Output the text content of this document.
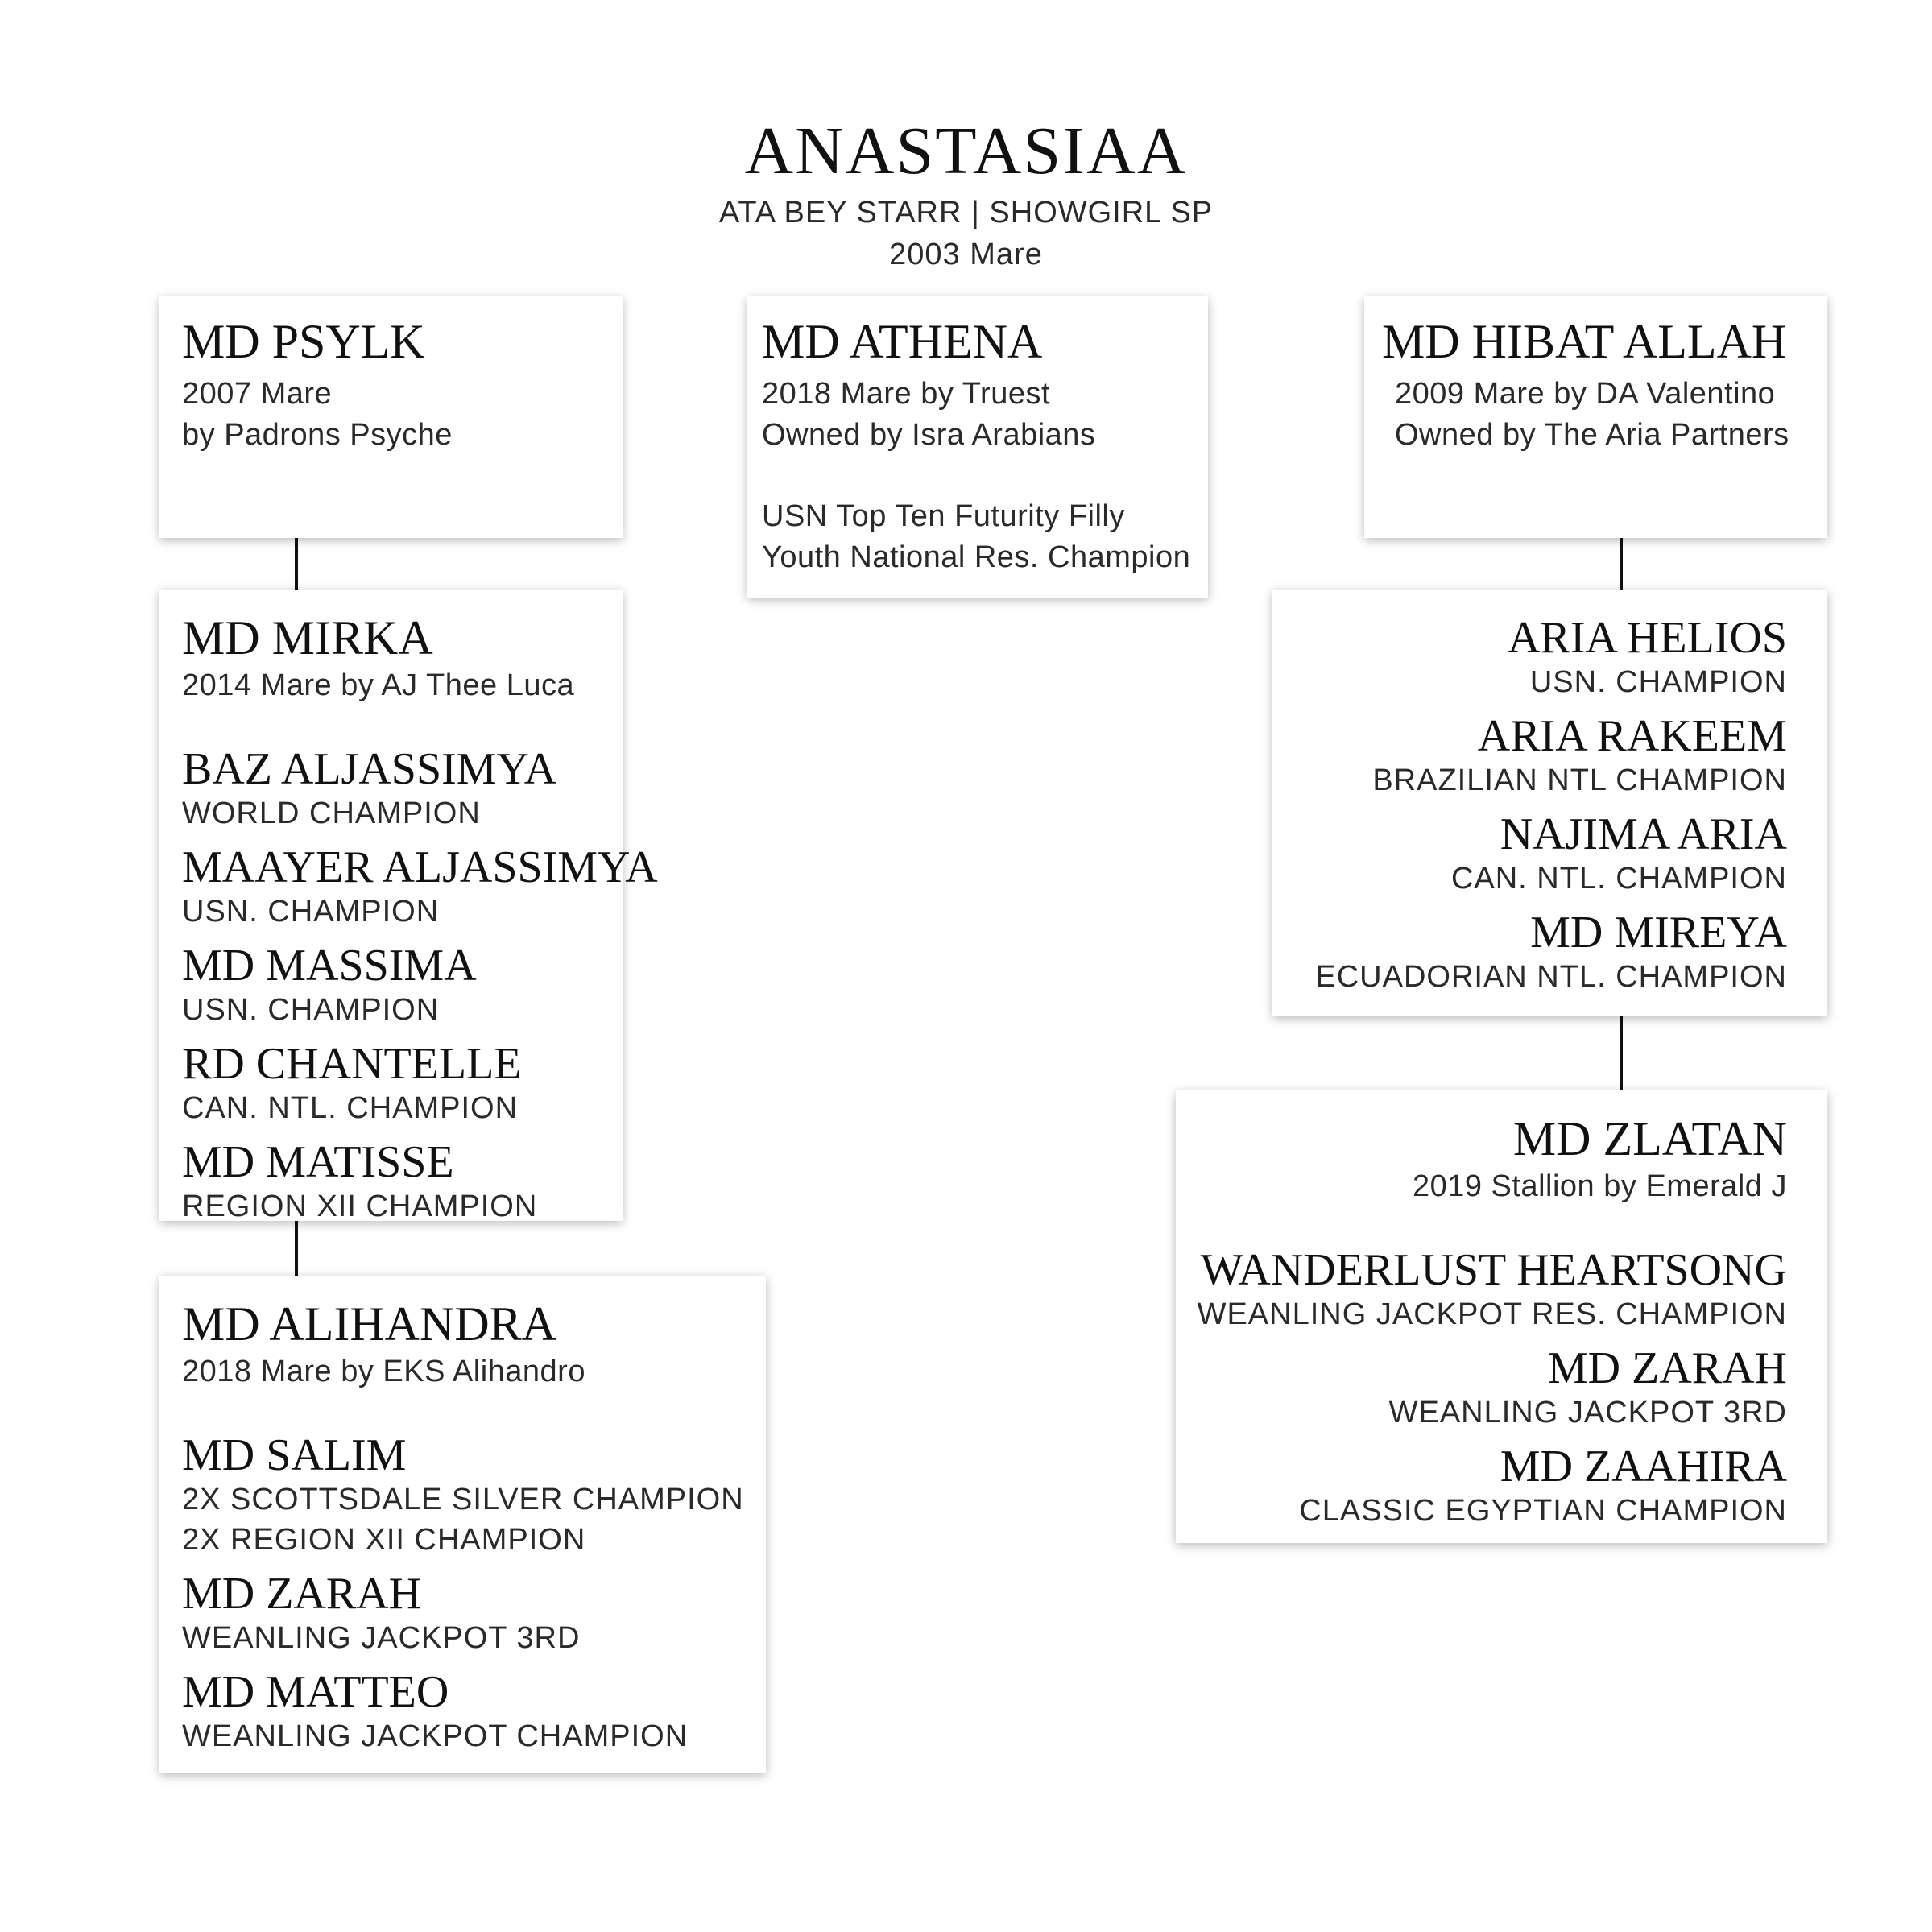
ANASTASIAA
ATA BEY STARR | SHOWGIRL SP
2003 Mare
MD PSYLK
2007 Mare
by Padrons Psyche
MD ATHENA
2018 Mare by Truest
Owned by Isra Arabians
USN Top Ten Futurity Filly
Youth National Res. Champion
MD HIBAT ALLAH
2009 Mare by DA Valentino
Owned by The Aria Partners
MD MIRKA
2014 Mare by AJ Thee Luca
BAZ ALJASSIMYA
WORLD CHAMPION
MAAYER ALJASSIMYA
USN. CHAMPION
MD MASSIMA
USN. CHAMPION
RD CHANTELLE
CAN. NTL. CHAMPION
MD MATISSE
REGION XII CHAMPION
ARIA HELIOS
USN. CHAMPION
ARIA RAKEEM
BRAZILIAN NTL CHAMPION
NAJIMA ARIA
CAN. NTL. CHAMPION
MD MIREYA
ECUADORIAN NTL. CHAMPION
MD ALIHANDRA
2018 Mare by EKS Alihandro
MD SALIM
2X SCOTTSDALE SILVER CHAMPION
2X REGION XII CHAMPION
MD ZARAH
WEANLING JACKPOT 3RD
MD MATTEO
WEANLING JACKPOT CHAMPION
MD ZLATAN
2019 Stallion by Emerald J
WANDERLUST HEARTSONG
WEANLING JACKPOT RES. CHAMPION
MD ZARAH
WEANLING JACKPOT 3RD
MD ZAAHIRA
CLASSIC EGYPTIAN CHAMPION
